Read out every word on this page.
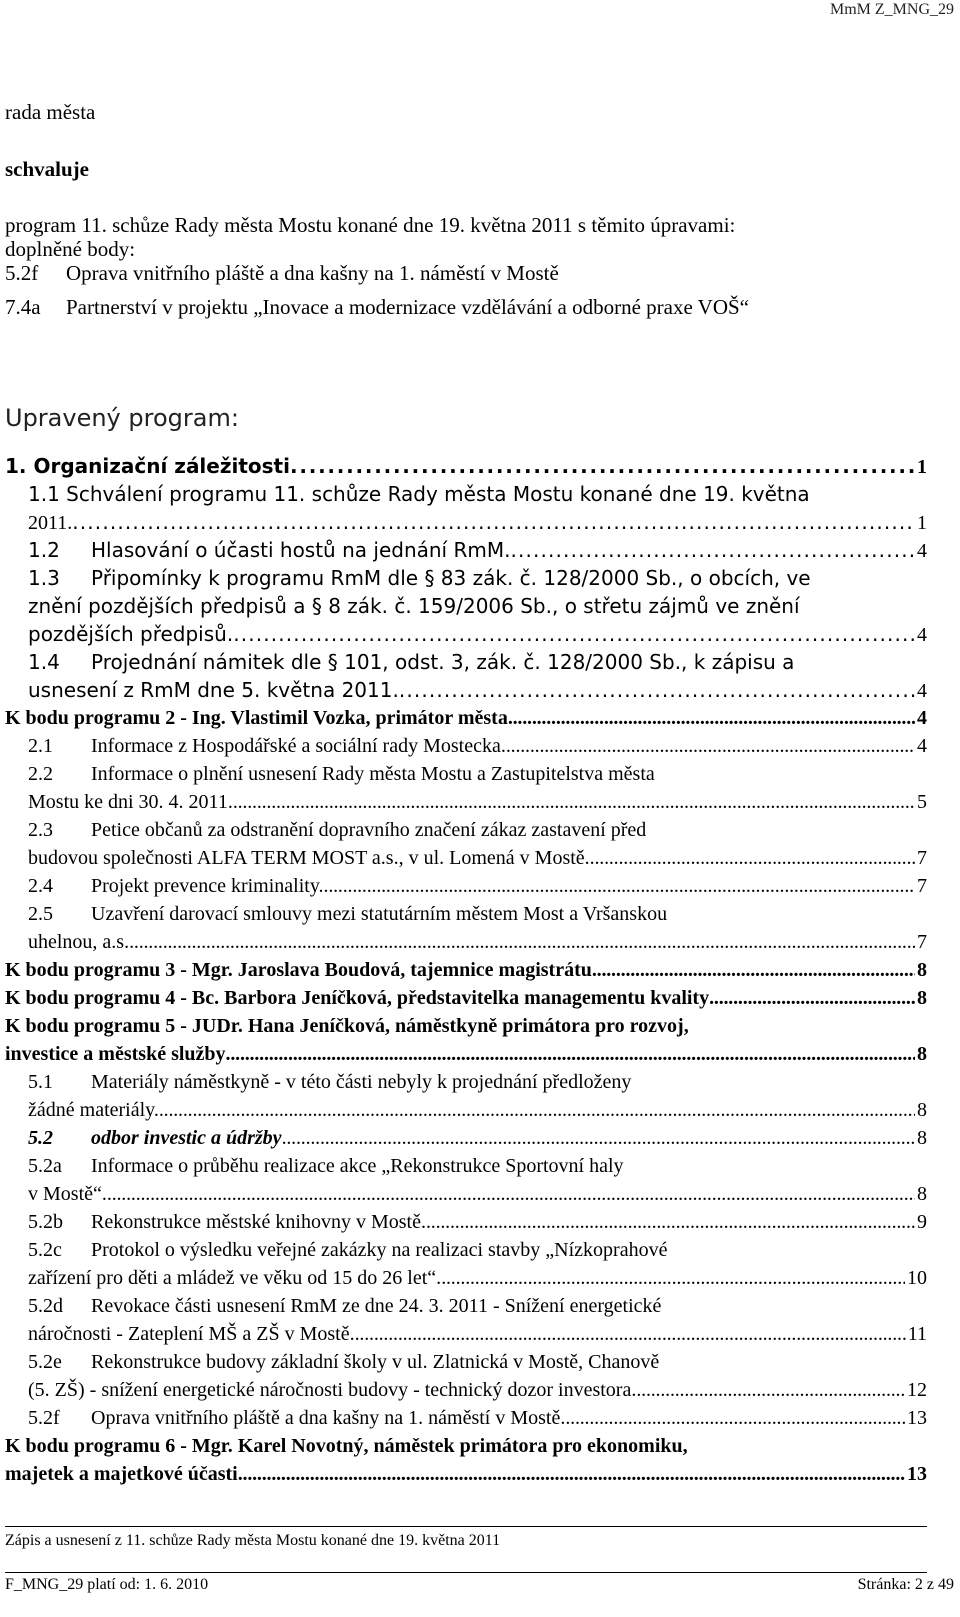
MmM Z_MNG_29
rada města
schvaluje
program 11. schůze Rady města Mostu konané dne 19. května 2011 s těmito úpravami:
doplněné body:
5.2f Oprava vnitřního pláště a dna kašny na 1. náměstí v Mostě
7.4a Partnerství v projektu „Inovace a modernizace vzdělávání a odborné praxe VOŠ“
Upravený program:
1. Organizační záležitosti . . .	1
1.1 Schválení programu 11. schůze Rady města Mostu konané dne 19. května
2011. . . .	1
1.2 Hlasování o účasti hostů na jednání RmM. . . .	4
1.3 Připomínky k programu RmM dle § 83 zák. č. 128/2000 Sb., o obcích, ve
znění pozdějších předpisů a § 8 zák. č. 159/2006 Sb., o střetu zájmů ve znění
pozdějších předpisů. . . .	4
1.4 Projednání námitek dle § 101, odst. 3, zák. č. 128/2000 Sb., k zápisu a
usnesení z RmM dne 5. května 2011. . . .	4
K bodu programu 2 - Ing. Vlastimil Vozka, primátor města . . .	4
2.1 Informace z Hospodářské a sociální rady Mostecka. . . .	4
2.2 Informace o plnění usnesení Rady města Mostu a Zastupitelstva města
Mostu ke dni 30. 4. 2011. . . .	5
2.3 Petice občanů za odstranění dopravního značení zákaz zastavení před
budovou společnosti ALFA TERM MOST a.s., v ul. Lomená v Mostě. . . .	7
2.4 Projekt prevence kriminality. . . .	7
2.5 Uzavření darovací smlouvy mezi statutárním městem Most a Vršanskou
uhelnou, a.s. . . .	7
K bodu programu 3 - Mgr. Jaroslava Boudová, tajemnice magistrátu . . .	8
K bodu programu 4 - Bc. Barbora Jeníčková, představitelka managementu kvality . . .	8
K bodu programu 5 - JUDr. Hana Jeníčková, náměstkyně primátora pro rozvoj,
investice a městské služby . . .	8
5.1 Materiály náměstkyně - v této části nebyly k projednání předloženy
žádné materiály. . . .	8
5.2 odbor investic a údržby . . .	8
5.2a Informace o průběhu realizace akce „Rekonstrukce Sportovní haly
v Mostě“. . . .	8
5.2b Rekonstrukce městské knihovny v Mostě. . . .	9
5.2c Protokol o výsledku veřejné zakázky na realizaci stavby „Nízkoprahové
zařízení pro děti a mládež ve věku od 15 do 26 let“. . . .	10
5.2d Revokace části usnesení RmM ze dne 24. 3. 2011 - Snížení energetické
náročnosti - Zateplení MŠ a ZŠ v Mostě. . . .	11
5.2e Rekonstrukce budovy základní školy v ul. Zlatnická v Mostě, Chanově
(5. ZŠ) - snížení energetické náročnosti budovy - technický dozor investora. . . .	12
5.2f Oprava vnitřního pláště a dna kašny na 1. náměstí v Mostě. . . .	13
K bodu programu 6 - Mgr. Karel Novotný, náměstek primátora pro ekonomiku,
majetek a majetkové účasti . . .	13
Zápis a usnesení z 11. schůze Rady města Mostu konané dne 19. května 2011
F_MNG_29 platí od: 1. 6. 2010	Stránka: 2 z 49
